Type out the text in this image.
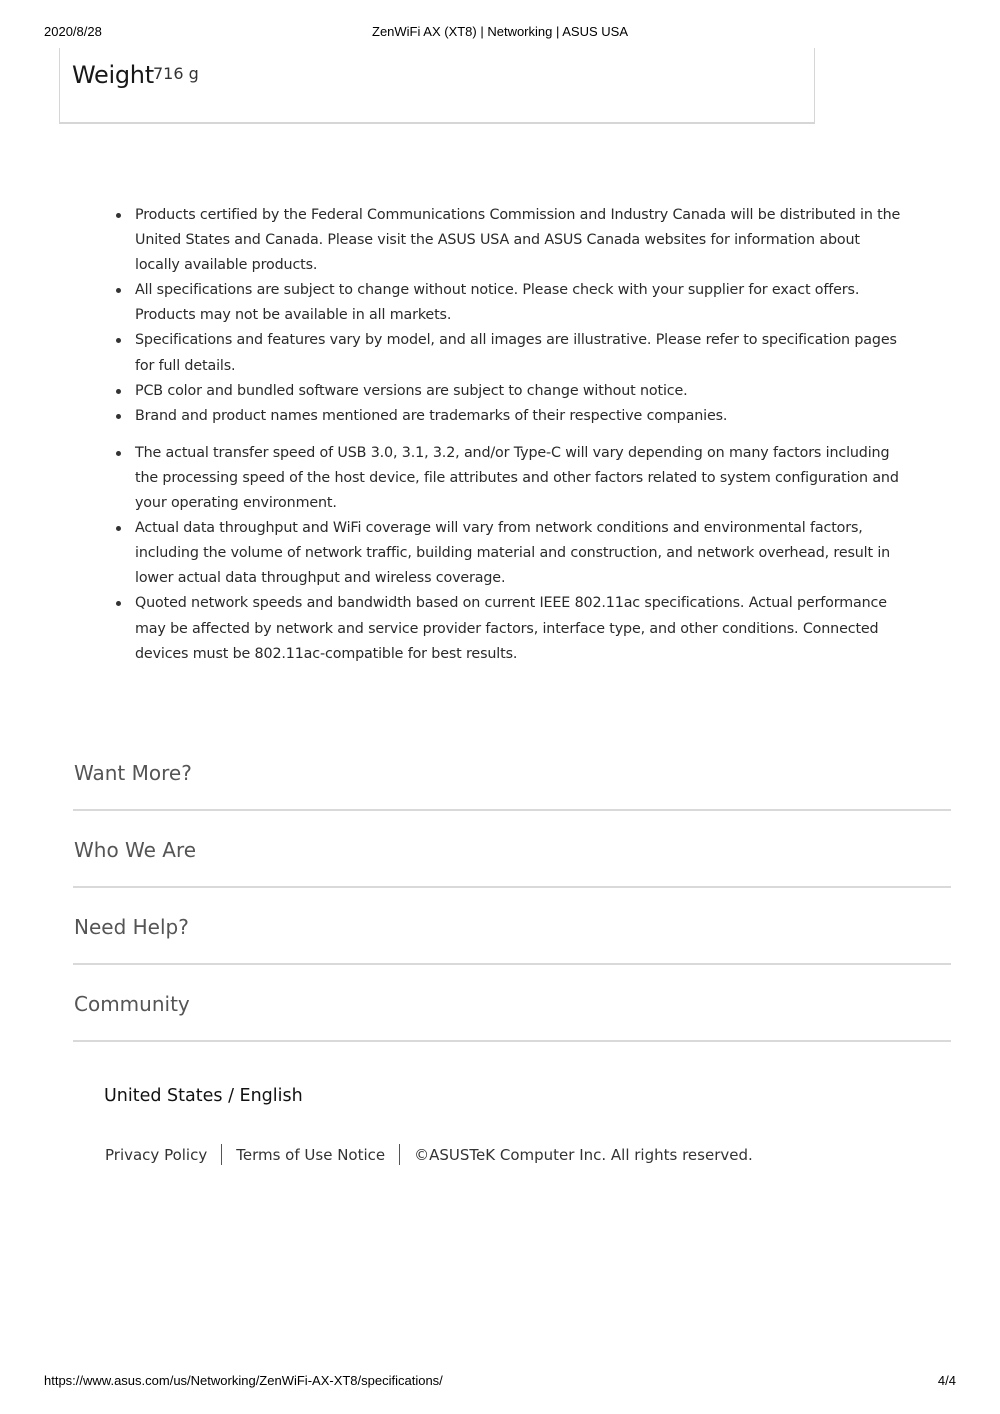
2020/8/28	ZenWiFi AX (XT8) | Networking | ASUS USA
Weight 716 g
Products certified by the Federal Communications Commission and Industry Canada will be distributed in the United States and Canada. Please visit the ASUS USA and ASUS Canada websites for information about locally available products.
All specifications are subject to change without notice. Please check with your supplier for exact offers. Products may not be available in all markets.
Specifications and features vary by model, and all images are illustrative. Please refer to specification pages for full details.
PCB color and bundled software versions are subject to change without notice.
Brand and product names mentioned are trademarks of their respective companies.
The actual transfer speed of USB 3.0, 3.1, 3.2, and/or Type-C will vary depending on many factors including the processing speed of the host device, file attributes and other factors related to system configuration and your operating environment.
Actual data throughput and WiFi coverage will vary from network conditions and environmental factors, including the volume of network traffic, building material and construction, and network overhead, result in lower actual data throughput and wireless coverage.
Quoted network speeds and bandwidth based on current IEEE 802.11ac specifications. Actual performance may be affected by network and service provider factors, interface type, and other conditions. Connected devices must be 802.11ac-compatible for best results.
Want More?
Who We Are
Need Help?
Community
United States / English
Privacy Policy Terms of Use Notice ©ASUSTeK Computer Inc. All rights reserved.
https://www.asus.com/us/Networking/ZenWiFi-AX-XT8/specifications/	4/4
